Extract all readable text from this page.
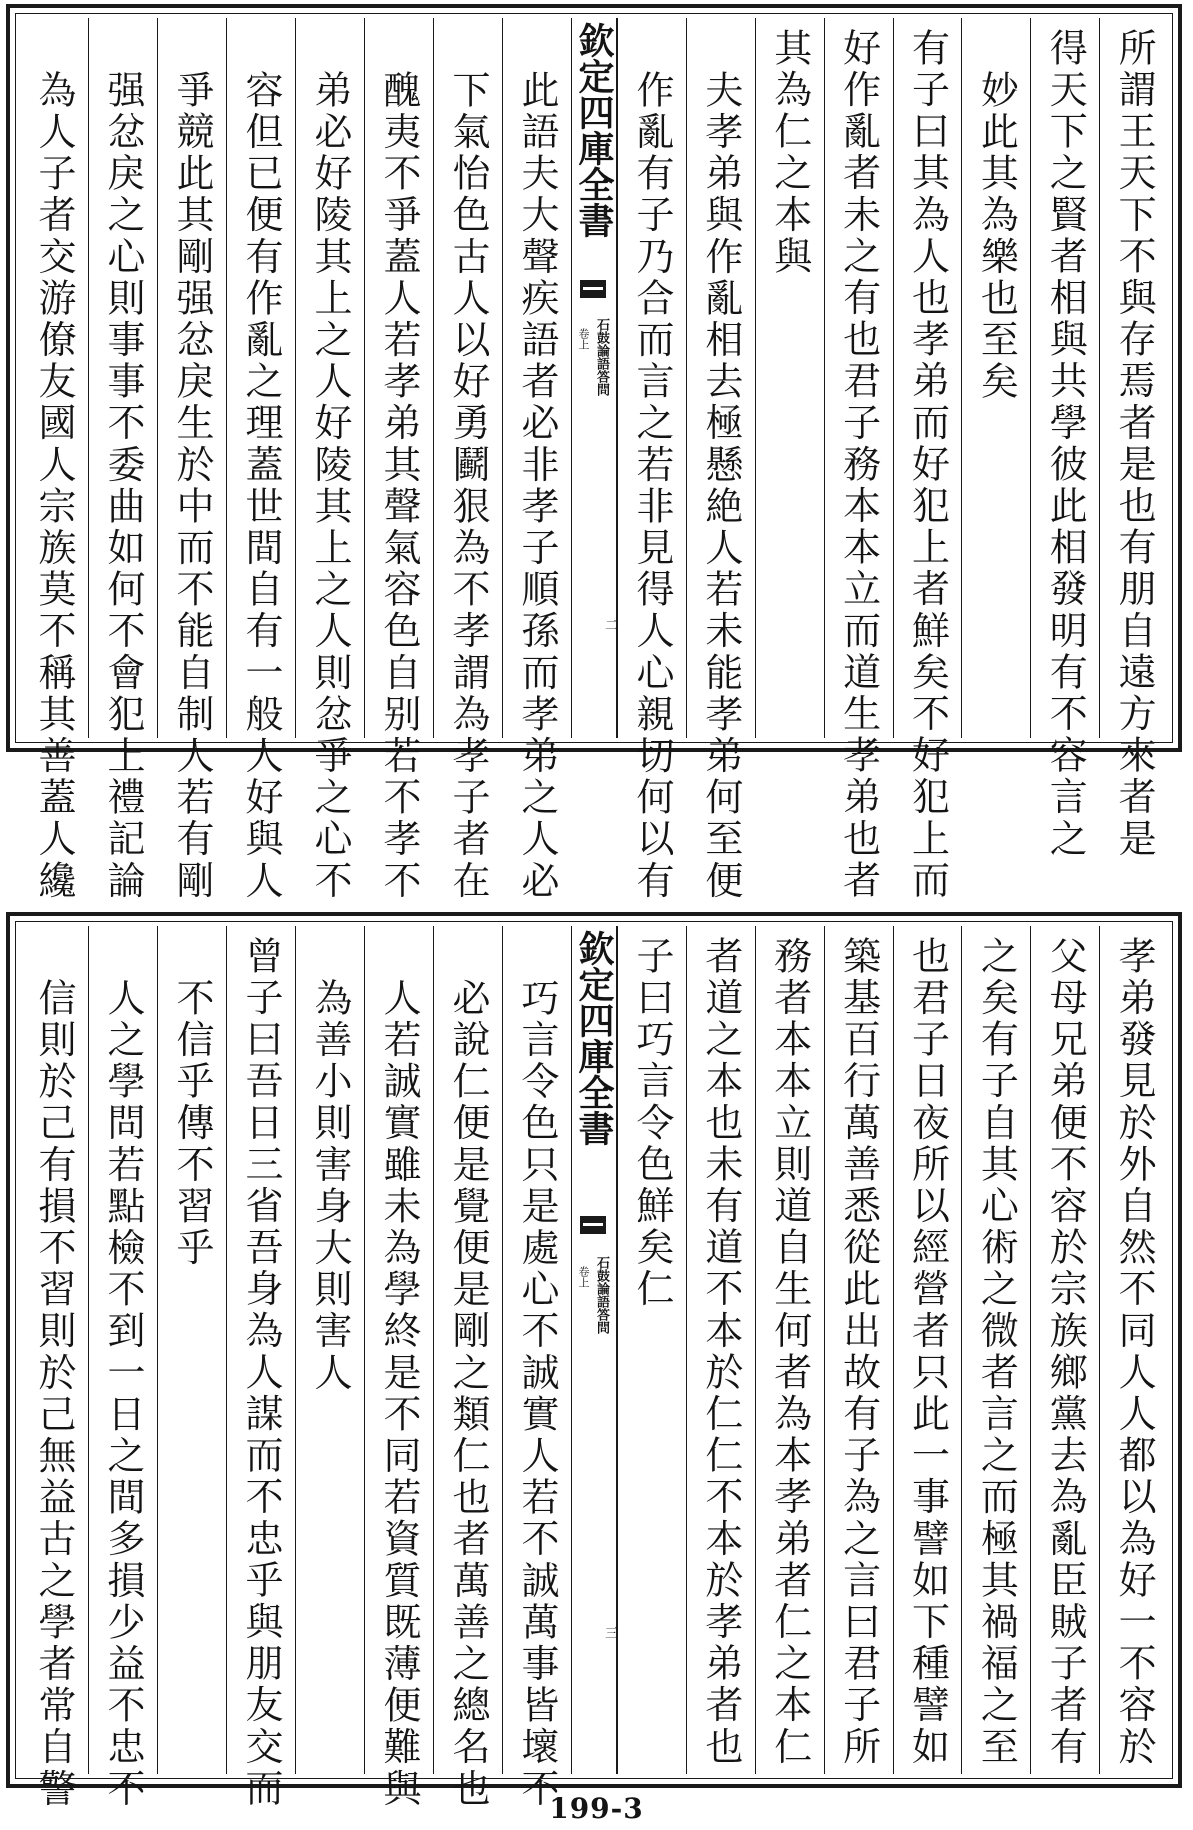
所謂王天下不與存焉者是也有朋自遠方來者是
得天下之賢者相與共學彼此相發明有不容言之
妙此其為樂也至矣
有子曰其為人也孝弟而好犯上者鮮矣不好犯上而
好作亂者未之有也君子務本本立而道生孝弟也者
其為仁之本與
夫孝弟與作亂相去極懸絶人若未能孝弟何至便
作亂有子乃合而言之若非見得人心親切何以有
欽定四庫全書
石鼓論語答問
卷上
二
此語夫大聲疾語者必非孝子順孫而孝弟之人必
下氣怡色古人以好勇鬬狠為不孝謂為孝子者在
醜夷不爭蓋人若孝弟其聲氣容色自别若不孝不
弟必好陵其上之人好陵其上之人則忿爭之心不
容但已便有作亂之理蓋世間自有一般人好與人
爭競此其剛强忿戾生於中而不能自制人若有剛
强忿戾之心則事事不委曲如何不會犯上禮記論
為人子者交游僚友國人宗族莫不稱其善蓋人纔
孝弟發見於外自然不同人人都以為好一不容於
父母兄弟便不容於宗族鄉黨去為亂臣賊子者有
之矣有子自其心術之微者言之而極其禍福之至
也君子日夜所以經營者只此一事譬如下種譬如
築基百行萬善悉從此出故有子為之言曰君子所
務者本本立則道自生何者為本孝弟者仁之本仁
者道之本也未有道不本於仁仁不本於孝弟者也
子曰巧言令色鮮矣仁
欽定四庫全書
石鼓論語答問
卷上
三
巧言令色只是處心不誠實人若不誠萬事皆壞不
必說仁便是覺便是剛之類仁也者萬善之總名也
人若誠實雖未為學終是不同若資質既薄便難與
為善小則害身大則害人
曾子曰吾日三省吾身為人謀而不忠乎與朋友交而
不信乎傳不習乎
人之學問若點檢不到一日之間多損少益不忠不
信則於己有損不習則於己無益古之學者常自警	199-3
